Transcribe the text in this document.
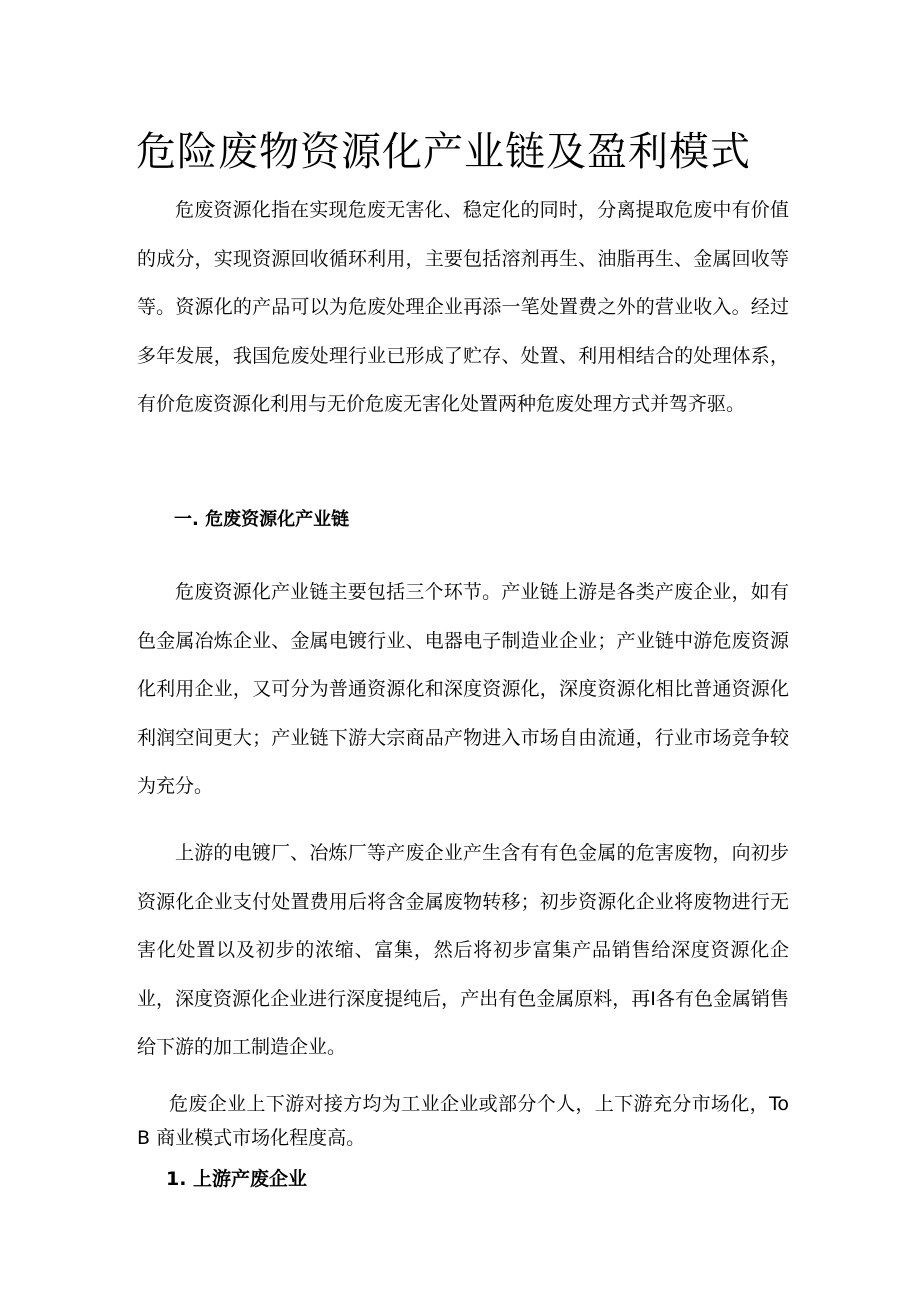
危险废物资源化产业链及盈利模式

危废资源化指在实现危废无害化、稳定化的同时，分离提取危废中有价值的成分，实现资源回收循环利用，主要包括溶剂再生、油脂再生、金属回收等等。资源化的产品可以为危废处理企业再添一笔处置费之外的营业收入。经过多年发展，我国危废处理行业已形成了贮存、处置、利用相结合的处理体系，有价危废资源化利用与无价危废无害化处置两种危废处理方式并驾齐驱。

一. 危废资源化产业链

危废资源化产业链主要包括三个环节。产业链上游是各类产废企业，如有色金属冶炼企业、金属电镀行业、电器电子制造业企业；产业链中游危废资源化利用企业，又可分为普通资源化和深度资源化，深度资源化相比普通资源化利润空间更大；产业链下游大宗商品产物进入市场自由流通，行业市场竞争较为充分。

上游的电镀厂、冶炼厂等产废企业产生含有有色金属的危害废物，向初步资源化企业支付处置费用后将含金属废物转移；初步资源化企业将废物进行无害化处置以及初步的浓缩、富集，然后将初步富集产品销售给深度资源化企业，深度资源化企业进行深度提纯后，产出有色金属原料，再I各有色金属销售给下游的加工制造企业。

危废企业上下游对接方均为工业企业或部分个人，上下游充分市场化，ToB 商业模式市场化程度高。

1. 上游产废企业
